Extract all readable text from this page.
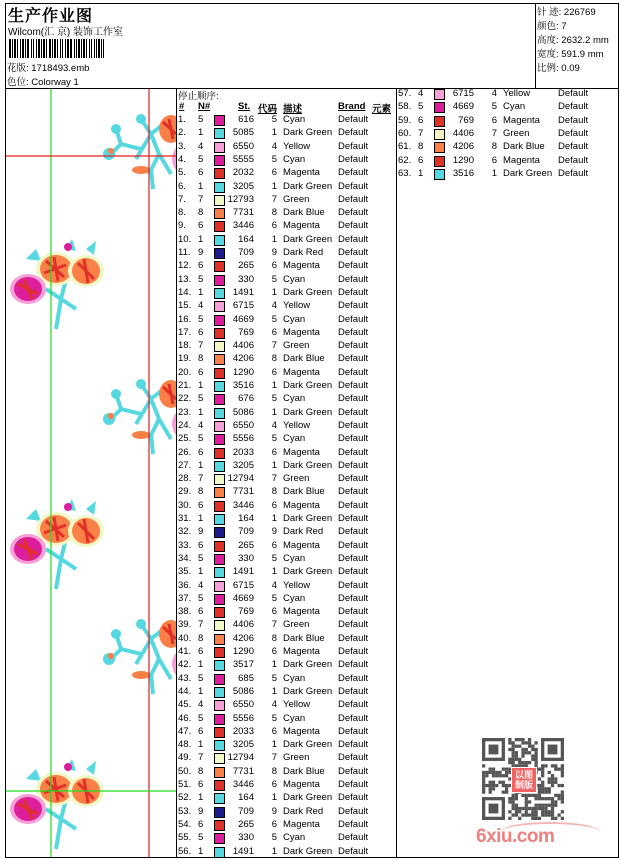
生产作业图
Wilcom(汇 京) 装饰工作室
花版: 1718493.emb
色位: Colorway 1
针 迹: 226769
颜色: 7
高度: 2632.2 mm
宽度: 591.9 mm
比例: 0.09
停止顺序:
# N#	St. 代码 描述	Brand 元素
1.	5	616	5 Cyan	Default
2.	1	5085	1 Dark Green Default
3.	4	6550	4 Yellow	Default
4.	5	5555	5 Cyan	Default
5.	6	2032	6 Magenta Default
6.	1	3205	1 Dark Green Default
7.	7	12793	7 Green	Default
8.	8	7731	8 Dark Blue Default
9.	6	3446	6 Magenta Default
10. 1	164	1 Dark Green Default
11. 9	709	9 Dark Red Default
12. 6	265	6 Magenta Default
13. 5	330	5 Cyan	Default
14. 1	1491	1 Dark Green Default
15. 4	6715	4 Yellow	Default
16. 5	4669	5 Cyan	Default
17. 6	769	6 Magenta Default
18. 7	4406	7 Green	Default
19. 8	4206	8 Dark Blue Default
20. 6	1290	6 Magenta Default
21. 1	3516	1 Dark Green Default
22. 5	676	5 Cyan	Default
23. 1	5086	1 Dark Green Default
24. 4	6550	4 Yellow	Default
25. 5	5556	5 Cyan	Default
26. 6	2033	6 Magenta Default
27. 1	3205	1 Dark Green Default
28. 7	12794	7 Green	Default
29. 8	7731	8 Dark Blue Default
30. 6	3446	6 Magenta Default
31. 1	164	1 Dark Green Default
32. 9	709	9 Dark Red Default
33. 6	265	6 Magenta Default
34. 5	330	5 Cyan	Default
35. 1	1491	1 Dark Green Default
36. 4	6715	4 Yellow	Default
37. 5	4669	5 Cyan	Default
38. 6	769	6 Magenta Default
39. 7	4406	7 Green	Default
40. 8	4206	8 Dark Blue Default
41. 6	1290	6 Magenta Default
42. 1	3517	1 Dark Green Default
43. 5	685	5 Cyan	Default
44. 1	5086	1 Dark Green Default
45. 4	6550	4 Yellow	Default
46. 5	5556	5 Cyan	Default
47. 6	2033	6 Magenta Default
48. 1	3205	1 Dark Green Default
49. 7	12794	7 Green	Default
50. 8	7731	8 Dark Blue Default
51. 6	3446	6 Magenta Default
52. 1	164	1 Dark Green Default
53. 9	709	9 Dark Red Default
54. 6	265	6 Magenta Default
55. 5	330	5 Cyan	Default
56. 1	1491	1 Dark Green Default
57. 4	6715	4 Yellow	Default
58. 5	4669	5 Cyan	Default
59. 6	769	6 Magenta Default
60. 7	4406	7 Green	Default
61. 8	4206	8 Dark Blue Default
62. 6	1290	6 Magenta Default
63. 1	3516	1 Dark Green Default
以图制版
6xiu.com
